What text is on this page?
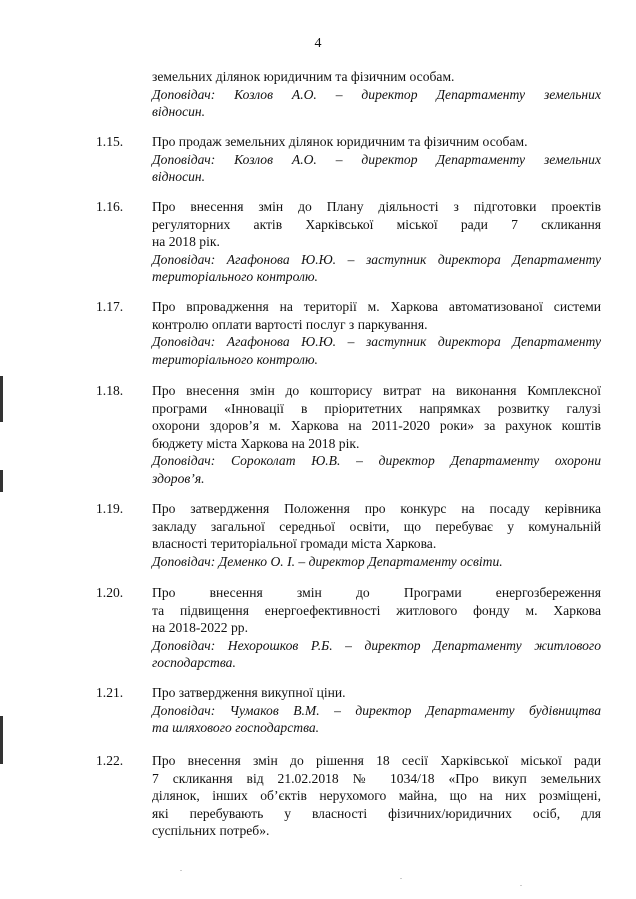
4
земельних ділянок юридичним та фізичним особам.
Доповідач: Козлов А.О. – директор Департаменту земельних
відносин.
1.15. Про продаж земельних ділянок юридичним та фізичним особам.
Доповідач: Козлов А.О. – директор Департаменту земельних
відносин.
1.16. Про внесення змін до Плану діяльності з підготовки проектів
регуляторних актів Харківської міської ради 7 скликання
на 2018 рік.
Доповідач: Агафонова Ю.Ю. – заступник директора Департаменту
територіального контролю.
1.17. Про впровадження на території м. Харкова автоматизованої системи
контролю оплати вартості послуг з паркування.
Доповідач: Агафонова Ю.Ю. – заступник директора Департаменту
територіального контролю.
1.18. Про внесення змін до кошторису витрат на виконання Комплексної
програми «Інновації в пріоритетних напрямках розвитку галузі
охорони здоров’я м. Харкова на 2011-2020 роки» за рахунок коштів
бюджету міста Харкова на 2018 рік.
Доповідач: Сороколат Ю.В. – директор Департаменту охорони
здоров’я.
1.19. Про затвердження Положення про конкурс на посаду керівника
закладу загальної середньої освіти, що перебуває у комунальній
власності територіальної громади міста Харкова.
Доповідач: Деменко О. І. – директор Департаменту освіти.
1.20. Про внесення змін до Програми енергозбереження
та підвищення енергоефективності житлового фонду м. Харкова
на 2018-2022 рр.
Доповідач: Нехорошков Р.Б. – директор Департаменту житлового
господарства.
1.21. Про затвердження викупної ціни.
Доповідач: Чумаков В.М. – директор Департаменту будівництва
та шляхового господарства.
1.22. Про внесення змін до рішення 18 сесії Харківської міської ради
7 скликання від 21.02.2018 № 1034/18 «Про викуп земельних
ділянок, інших об’єктів нерухомого майна, що на них розміщені,
які перебувають у власності фізичних/юридичних осіб, для
суспільних потреб».
